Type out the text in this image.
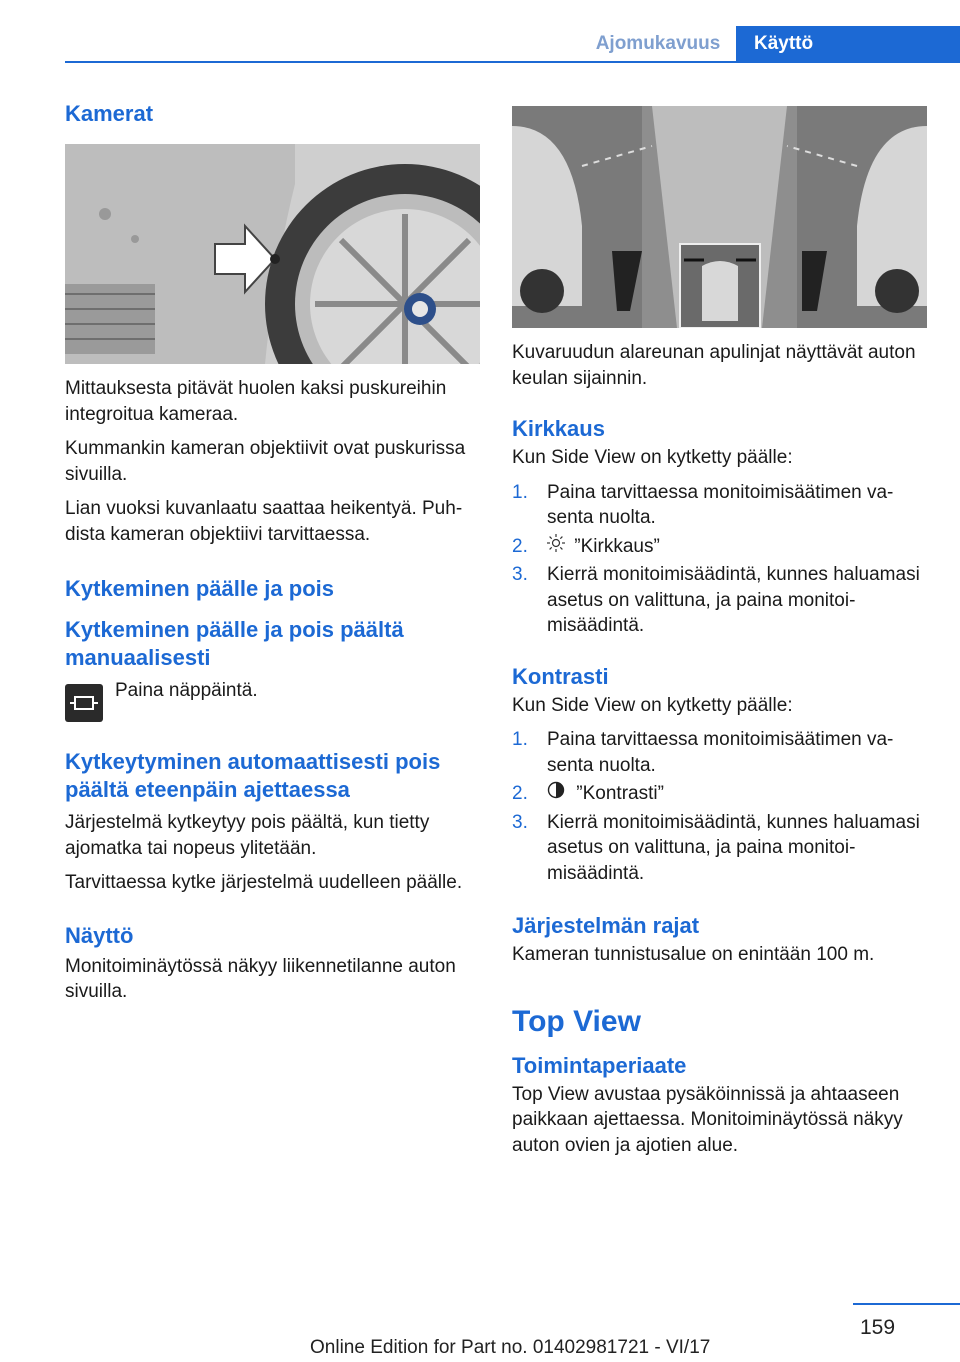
Ajomukavuus	Käyttö
Kamerat

Mittauksesta pitävät huolen kaksi puskureihin integroitua kameraa.

Kummankin kameran objektiivit ovat puskurissa sivuilla.

Lian vuoksi kuvanlaatu saattaa heikentyä. Puhdista kameran objektiivi tarvittaessa.

Kytkeminen päälle ja pois
Kytkeminen päälle ja pois päältä manuaalisesti
Paina näppäintä.
Kytkeytyminen automaattisesti pois päältä eteenpäin ajettaessa

Järjestelmä kytkeytyy pois päältä, kun tietty ajomatka tai nopeus ylitetään.

Tarvittaessa kytke järjestelmä uudelleen päälle.

Näyttö

Monitoiminäytössä näkyy liikennetilanne auton sivuilla.

Kuvaruudun alareunan apulinjat näyttävät auton keulan sijainnin.

Kirkkaus

Kun Side View on kytketty päälle:

1. Paina tarvittaessa monitoimisäätimen vasenta nuolta.
2. ”Kirkkaus”
3. Kierrä monitoimisäädintä, kunnes haluamasi asetus on valittuna, ja paina monitoimisäädintä.
Kontrasti

Kun Side View on kytketty päälle:

1. Paina tarvittaessa monitoimisäätimen vasenta nuolta.
2.	”Kontrasti”
3. Kierrä monitoimisäädintä, kunnes haluamasi asetus on valittuna, ja paina monitoimisäädintä.
Järjestelmän rajat

Kameran tunnistusalue on enintään 100 m.

Top View
Toimintaperiaate

Top View avustaa pysäköinnissä ja ahtaaseen paikkaan ajettaessa. Monitoiminäytössä näkyy auton ovien ja ajotien alue.

159
Online Edition for Part no. 01402981721 - VI/17
